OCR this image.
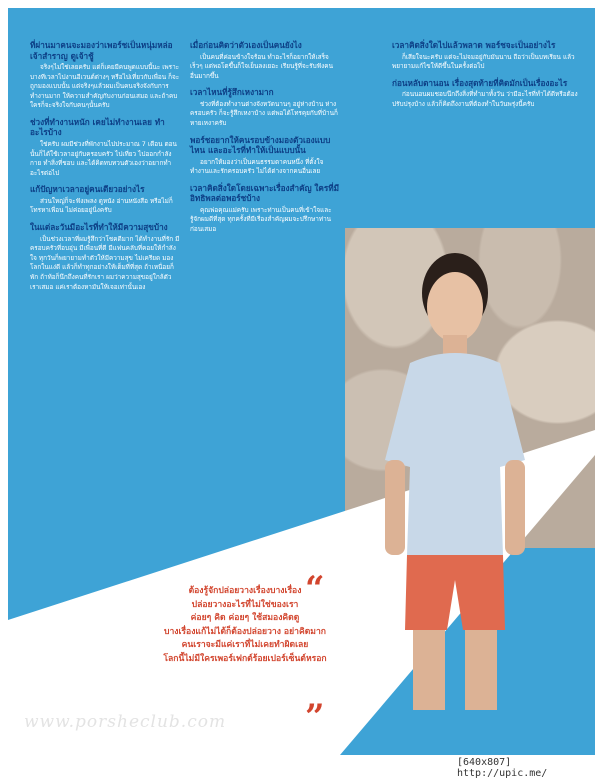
ที่ผ่านมาคนจะมองว่าเพอร์ชเป็นหนุ่มหล่อ เจ้าสำราญ ดูเจ้าชู้

จริงๆไม่ใช่เลยครับ แต่ก็เคยมีคนพูดแบบนี้นะ เพราะบางทีเวลาไปงานอีเวนต์ต่างๆ หรือไปเที่ยวกับเพื่อน ก็จะถูกมองแบบนั้น แต่จริงๆแล้วผมเป็นคนจริงจังกับการทำงานมาก ให้ความสำคัญกับงานก่อนเสมอ และถ้าคบใครก็จะจริงใจกับคนๆนั้นครับ

ช่วงที่ทำงานหนัก เคยไม่ทำงานเลย ทำอะไรบ้าง

ใช่ครับ ผมมีช่วงที่พักงานไปประมาณ 7 เดือน ตอนนั้นก็ได้ใช้เวลาอยู่กับครอบครัว ไปเที่ยว ไปออกกำลังกาย ทำสิ่งที่ชอบ และได้คิดทบทวนตัวเองว่าอยากทำอะไรต่อไป

แก้ปัญหาเวลาอยู่คนเดียวอย่างไร

ส่วนใหญ่ก็จะฟังเพลง ดูหนัง อ่านหนังสือ หรือไม่ก็โทรหาเพื่อน ไม่ค่อยอยู่นิ่งครับ

ในแต่ละวันมีอะไรที่ทำให้มีความสุขบ้าง

เป็นช่วงเวลาที่ผมรู้สึกว่าโชคดีมาก ได้ทำงานที่รัก มีครอบครัวที่อบอุ่น มีเพื่อนที่ดี มีแฟนคลับที่คอยให้กำลังใจ ทุกวันก็พยายามทำตัวให้มีความสุข ไม่เครียด มองโลกในแง่ดี แล้วก็ทำทุกอย่างให้เต็มที่ที่สุด ถ้าเหนื่อยก็พัก ถ้าท้อก็นึกถึงคนที่รักเรา ผมว่าความสุขอยู่ใกล้ตัวเราเสมอ แค่เราต้องหามันให้เจอเท่านั้นเอง

เมื่อก่อนคิดว่าตัวเองเป็นคนยังไง

เป็นคนที่ค่อนข้างใจร้อน ทำอะไรก็อยากให้เสร็จเร็วๆ แต่พอโตขึ้นก็ใจเย็นลงเยอะ เรียนรู้ที่จะรับฟังคนอื่นมากขึ้น

เวลาไหนที่รู้สึกเหงามาก

ช่วงที่ต้องทำงานต่างจังหวัดนานๆ อยู่ห่างบ้าน ห่างครอบครัว ก็จะรู้สึกเหงาบ้าง แต่พอได้โทรคุยกับที่บ้านก็หายเหงาครับ

พอร์ชอยากให้คนรอบข้างมองตัวเองแบบไหน และอะไรที่ทำให้เป็นแบบนั้น

อยากให้มองว่าเป็นคนธรรมดาคนหนึ่ง ที่ตั้งใจทำงานและรักครอบครัว ไม่ได้ต่างจากคนอื่นเลย

เวลาคิดสิ่งใดโดยเฉพาะเรื่องสำคัญ ใครที่มีอิทธิพลต่อพอร์ชบ้าง

คุณพ่อคุณแม่ครับ เพราะท่านเป็นคนที่เข้าใจและรู้จักผมดีที่สุด ทุกครั้งที่มีเรื่องสำคัญผมจะปรึกษาท่านก่อนเสมอ

เวลาคิดสิ่งใดไปแล้วพลาด พอร์ชจะเป็นอย่างไร

ก็เสียใจนะครับ แต่จะไม่จมอยู่กับมันนาน ถือว่าเป็นบทเรียน แล้วพยายามแก้ไขให้ดีขึ้นในครั้งต่อไป

ก่อนหลับตานอน เรื่องสุดท้ายที่คิดมักเป็นเรื่องอะไร

ก่อนนอนผมชอบนึกถึงสิ่งที่ทำมาทั้งวัน ว่ามีอะไรที่ทำได้ดีหรือต้องปรับปรุงบ้าง แล้วก็คิดถึงงานที่ต้องทำในวันพรุ่งนี้ครับ

“
ต้องรู้จักปล่อยวางเรื่องบางเรื่อง
ปล่อยวางอะไรที่ไม่ใช่ของเรา
ค่อยๆ คิด ค่อยๆ ใช้สมองคิดดู
บางเรื่องแก้ไม่ได้ก็ต้องปล่อยวาง อย่าคิดมาก
คนเราจะมีแค่เราที่ไม่เคยทำผิดเลย
โลกนี้ไม่มีใครเพอร์เฟกต์ร้อยเปอร์เซ็นต์หรอก
”
www.porsheclub.com
[640x807] http://upic.me/
